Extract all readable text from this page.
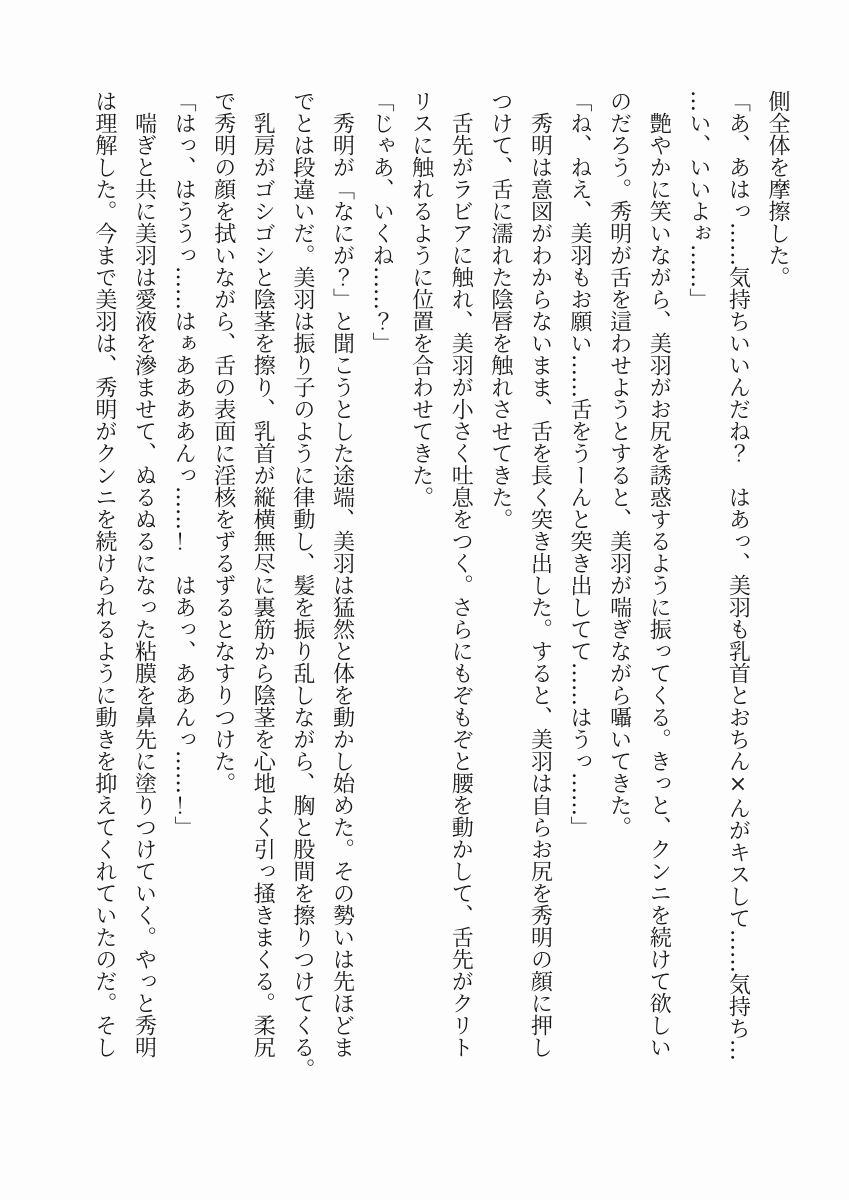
側全体を摩擦した。

「あ、あはっ……気持ちいいんだね？　はあっ、美羽も乳首とおちん×んがキスして……気持ち…

…い、いいよぉ……」

艶やかに笑いながら、美羽がお尻を誘惑するように振ってくる。きっと、クンニを続けて欲しい

のだろう。秀明が舌を這わせようとすると、美羽が喘ぎながら囁いてきた。

「ね、ねえ、美羽もお願い……舌をうーんと突き出してて……はうっ……」

秀明は意図がわからないまま、舌を長く突き出した。すると、美羽は自らお尻を秀明の顔に押し

つけて、舌に濡れた陰唇を触れさせてきた。

舌先がラビアに触れ、美羽が小さく吐息をつく。さらにもぞもぞと腰を動かして、舌先がクリト

リスに触れるように位置を合わせてきた。

「じゃあ、いくね……？」

秀明が「なにが？」と聞こうとした途端、美羽は猛然と体を動かし始めた。その勢いは先ほどま

でとは段違いだ。美羽は振り子のように律動し、髪を振り乱しながら、胸と股間を擦りつけてくる。

乳房がゴシゴシと陰茎を擦り、乳首が縦横無尽に裏筋から陰茎を心地よく引っ掻きまくる。柔尻

で秀明の顔を拭いながら、舌の表面に淫核をずるずるとなすりつけた。

「はっ、はううっ……はぁああああんっ……！　はあっ、ああんっ……！」

喘ぎと共に美羽は愛液を滲ませて、ぬるぬるになった粘膜を鼻先に塗りつけていく。やっと秀明

は理解した。今まで美羽は、秀明がクンニを続けられるように動きを抑えてくれていたのだ。そし
